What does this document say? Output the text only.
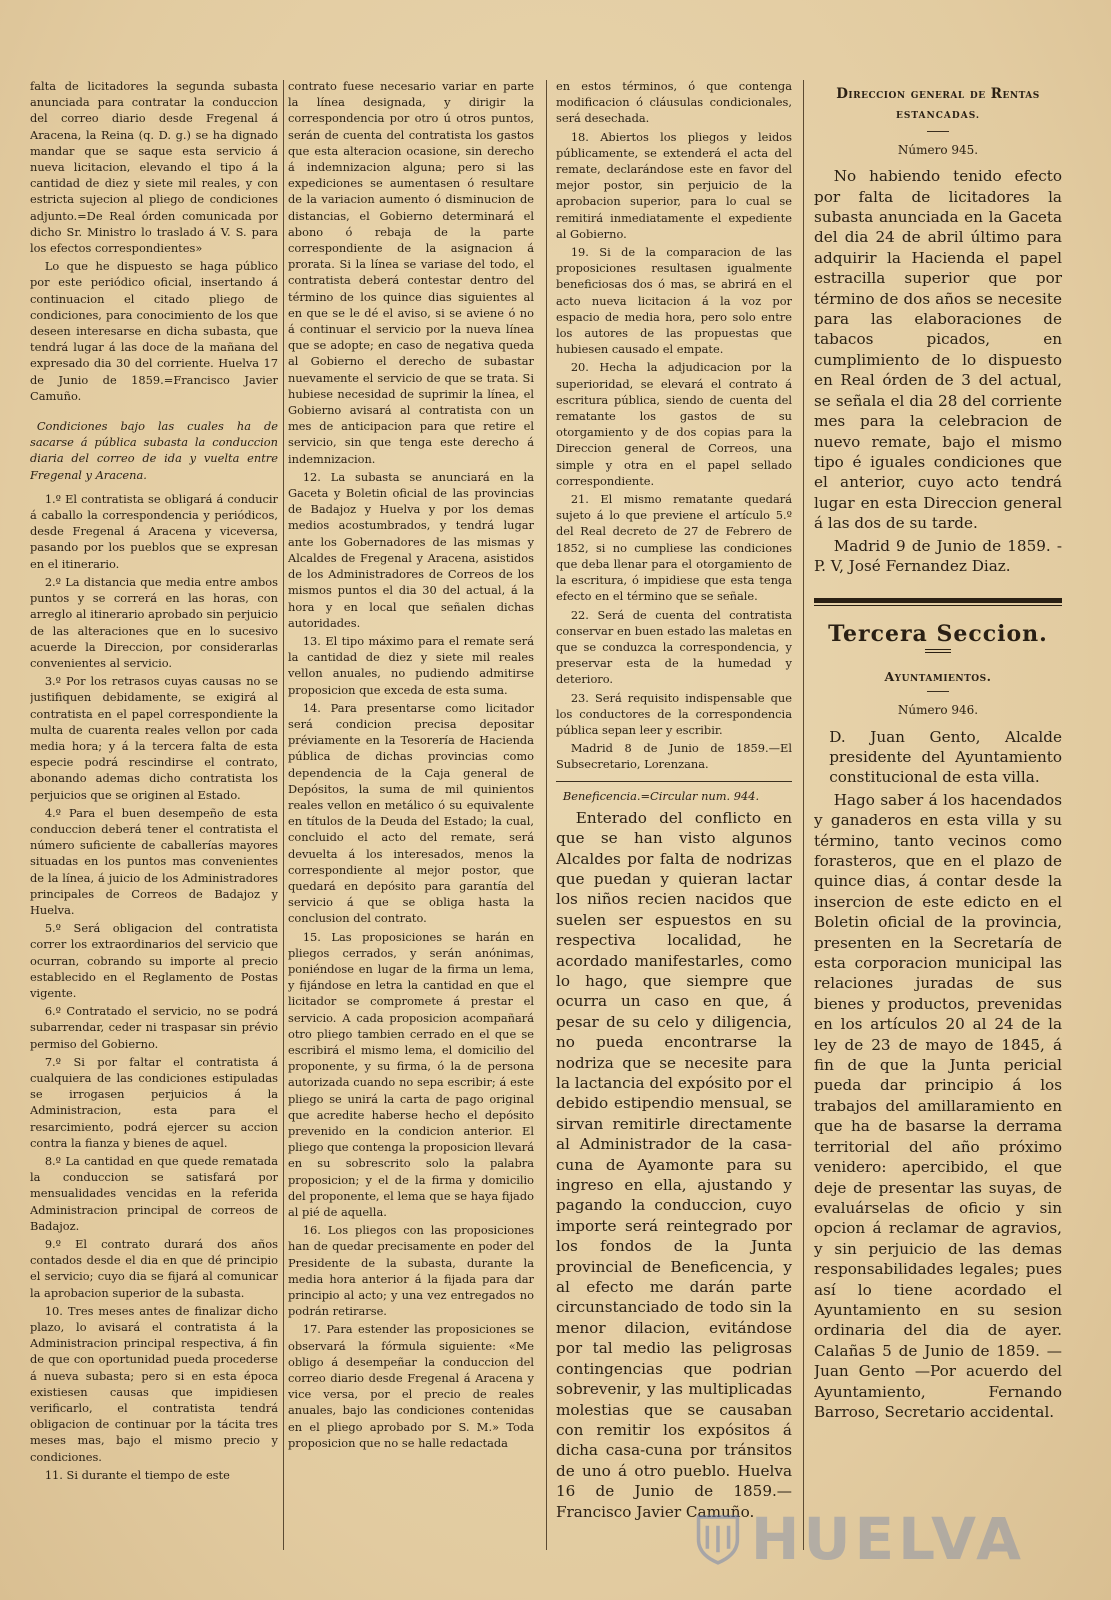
falta de licitadores la segunda subasta anunciada para contratar la conduccion del correo diario desde Fregenal á Aracena, la Reina (q. D. g.) se ha dignado mandar que se saque esta servicio á nueva licitacion, elevando el tipo á la cantidad de diez y siete mil reales, y con estricta sujecion al pliego de condiciones adjunto.=De Real órden comunicada por dicho Sr. Ministro lo traslado á V. S. para los efectos correspondientes»

Lo que he dispuesto se haga público por este periódico oficial, insertando á continuacion el citado pliego de condiciones, para conocimiento de los que deseen interesarse en dicha subasta, que tendrá lugar á las doce de la mañana del expresado dia 30 del corriente. Huelva 17 de Junio de 1859.=Francisco Javier Camuño.

Condiciones bajo las cuales ha de sacarse á pública subasta la conduccion diaria del correo de ida y vuelta entre Fregenal y Aracena.

1.º El contratista se obligará á conducir á caballo la correspondencia y periódicos, desde Fregenal á Aracena y viceversa, pasando por los pueblos que se expresan en el itinerario.

2.º La distancia que media entre ambos puntos y se correrá en las horas, con arreglo al itinerario aprobado sin perjuicio de las alteraciones que en lo sucesivo acuerde la Direccion, por considerarlas convenientes al servicio.

3.º Por los retrasos cuyas causas no se justifiquen debidamente, se exigirá al contratista en el papel correspondiente la multa de cuarenta reales vellon por cada media hora; y á la tercera falta de esta especie podrá rescindirse el contrato, abonando ademas dicho contratista los perjuicios que se originen al Estado.

4.º Para el buen desempeño de esta conduccion deberá tener el contratista el número suficiente de caballerías mayores situadas en los puntos mas convenientes de la línea, á juicio de los Administradores principales de Correos de Badajoz y Huelva.

5.º Será obligacion del contratista correr los extraordinarios del servicio que ocurran, cobrando su importe al precio establecido en el Reglamento de Postas vigente.

6.º Contratado el servicio, no se podrá subarrendar, ceder ni traspasar sin prévio permiso del Gobierno.

7.º Si por faltar el contratista á cualquiera de las condiciones estipuladas se irrogasen perjuicios á la Administracion, esta para el resarcimiento, podrá ejercer su accion contra la fianza y bienes de aquel.

8.º La cantidad en que quede rematada la conduccion se satisfará por mensualidades vencidas en la referida Administracion principal de correos de Badajoz.

9.º El contrato durará dos años contados desde el dia en que dé principio el servicio; cuyo dia se fijará al comunicar la aprobacion superior de la subasta.

10. Tres meses antes de finalizar dicho plazo, lo avisará el contratista á la Administracion principal respectiva, á fin de que con oportunidad pueda procederse á nueva subasta; pero si en esta época existiesen causas que impidiesen verificarlo, el contratista tendrá obligacion de continuar por la tácita tres meses mas, bajo el mismo precio y condiciones.

11. Si durante el tiempo de este

contrato fuese necesario variar en parte la línea designada, y dirigir la correspondencia por otro ú otros puntos, serán de cuenta del contratista los gastos que esta alteracion ocasione, sin derecho á indemnizacion alguna; pero si las expediciones se aumentasen ó resultare de la variacion aumento ó disminucion de distancias, el Gobierno determinará el abono ó rebaja de la parte correspondiente de la asignacion á prorata. Si la línea se variase del todo, el contratista deberá contestar dentro del término de los quince dias siguientes al en que se le dé el aviso, si se aviene ó no á continuar el servicio por la nueva línea que se adopte; en caso de negativa queda al Gobierno el derecho de subastar nuevamente el servicio de que se trata. Si hubiese necesidad de suprimir la línea, el Gobierno avisará al contratista con un mes de anticipacion para que retire el servicio, sin que tenga este derecho á indemnizacion.

12. La subasta se anunciará en la Gaceta y Boletin oficial de las provincias de Badajoz y Huelva y por los demas medios acostumbrados, y tendrá lugar ante los Gobernadores de las mismas y Alcaldes de Fregenal y Aracena, asistidos de los Administradores de Correos de los mismos puntos el dia 30 del actual, á la hora y en local que señalen dichas autoridades.

13. El tipo máximo para el remate será la cantidad de diez y siete mil reales vellon anuales, no pudiendo admitirse proposicion que exceda de esta suma.

14. Para presentarse como licitador será condicion precisa depositar préviamente en la Tesorería de Hacienda pública de dichas provincias como dependencia de la Caja general de Depósitos, la suma de mil quinientos reales vellon en metálico ó su equivalente en títulos de la Deuda del Estado; la cual, concluido el acto del remate, será devuelta á los interesados, menos la correspondiente al mejor postor, que quedará en depósito para garantía del servicio á que se obliga hasta la conclusion del contrato.

15. Las proposiciones se harán en pliegos cerrados, y serán anónimas, poniéndose en lugar de la firma un lema, y fijándose en letra la cantidad en que el licitador se compromete á prestar el servicio. A cada proposicion acompañará otro pliego tambien cerrado en el que se escribirá el mismo lema, el domicilio del proponente, y su firma, ó la de persona autorizada cuando no sepa escribir; á este pliego se unirá la carta de pago original que acredite haberse hecho el depósito prevenido en la condicion anterior. El pliego que contenga la proposicion llevará en su sobrescrito solo la palabra proposicion; y el de la firma y domicilio del proponente, el lema que se haya fijado al pié de aquella.

16. Los pliegos con las proposiciones han de quedar precisamente en poder del Presidente de la subasta, durante la media hora anterior á la fijada para dar principio al acto; y una vez entregados no podrán retirarse.

17. Para estender las proposiciones se observará la fórmula siguiente: «Me obligo á desempeñar la conduccion del correo diario desde Fregenal á Aracena y vice versa, por el precio de reales anuales, bajo las condiciones contenidas en el pliego aprobado por S. M.» Toda proposicion que no se halle redactada

en estos términos, ó que contenga modificacion ó cláusulas condicionales, será desechada.

18. Abiertos los pliegos y leidos públicamente, se extenderá el acta del remate, declarándose este en favor del mejor postor, sin perjuicio de la aprobacion superior, para lo cual se remitirá inmediatamente el expediente al Gobierno.

19. Si de la comparacion de las proposiciones resultasen igualmente beneficiosas dos ó mas, se abrirá en el acto nueva licitacion á la voz por espacio de media hora, pero solo entre los autores de las propuestas que hubiesen causado el empate.

20. Hecha la adjudicacion por la superioridad, se elevará el contrato á escritura pública, siendo de cuenta del rematante los gastos de su otorgamiento y de dos copias para la Direccion general de Correos, una simple y otra en el papel sellado correspondiente.

21. El mismo rematante quedará sujeto á lo que previene el artículo 5.º del Real decreto de 27 de Febrero de 1852, si no cumpliese las condiciones que deba llenar para el otorgamiento de la escritura, ó impidiese que esta tenga efecto en el término que se señale.

22. Será de cuenta del contratista conservar en buen estado las maletas en que se conduzca la correspondencia, y preservar esta de la humedad y deterioro.

23. Será requisito indispensable que los conductores de la correspondencia pública sepan leer y escribir.

Madrid 8 de Junio de 1859.—El Subsecretario, Lorenzana.

Beneficencia.=Circular num. 944.

Enterado del conflicto en que se han visto algunos Alcaldes por falta de nodrizas que puedan y quieran lactar los niños recien nacidos que suelen ser espuestos en su respectiva localidad, he acordado manifestarles, como lo hago, que siempre que ocurra un caso en que, á pesar de su celo y diligencia, no pueda encontrarse la nodriza que se necesite para la lactancia del expósito por el debido estipendio mensual, se sirvan remitirle directamente al Administrador de la casa-cuna de Ayamonte para su ingreso en ella, ajustando y pagando la conduccion, cuyo importe será reintegrado por los fondos de la Junta provincial de Beneficencia, y al efecto me darán parte circunstanciado de todo sin la menor dilacion, evitándose por tal medio las peligrosas contingencias que podrian sobrevenir, y las multiplicadas molestias que se causaban con remitir los expósitos á dicha casa-cuna por tránsitos de uno á otro pueblo. Huelva 16 de Junio de 1859.—Francisco Javier Camuño.

Direccion general de Rentas

ESTANCADAS.

Número 945.

No habiendo tenido efecto por falta de licitadores la subasta anunciada en la Gaceta del dia 24 de abril último para adquirir la Hacienda el papel estracilla superior que por término de dos años se necesite para las elaboraciones de tabacos picados, en cumplimiento de lo dispuesto en Real órden de 3 del actual, se señala el dia 28 del corriente mes para la celebracion de nuevo remate, bajo el mismo tipo é iguales condiciones que el anterior, cuyo acto tendrá lugar en esta Direccion general á las dos de su tarde.

Madrid 9 de Junio de 1859. -P. V, José Fernandez Diaz.

Tercera Seccion.

Ayuntamientos.

Número 946.

D. Juan Gento, Alcalde presidente del Ayuntamiento constitucional de esta villa.

Hago saber á los hacendados y ganaderos en esta villa y su término, tanto vecinos como forasteros, que en el plazo de quince dias, á contar desde la insercion de este edicto en el Boletin oficial de la provincia, presenten en la Secretaría de esta corporacion municipal las relaciones juradas de sus bienes y productos, prevenidas en los artículos 20 al 24 de la ley de 23 de mayo de 1845, á fin de que la Junta pericial pueda dar principio á los trabajos del amillaramiento en que ha de basarse la derrama territorial del año próximo venidero: apercibido, el que deje de presentar las suyas, de evaluárselas de oficio y sin opcion á reclamar de agravios, y sin perjuicio de las demas responsabilidades legales; pues así lo tiene acordado el Ayuntamiento en su sesion ordinaria del dia de ayer. Calañas 5 de Junio de 1859. —Juan Gento —Por acuerdo del Ayuntamiento, Fernando Barroso, Secretario accidental.

HUELVA
